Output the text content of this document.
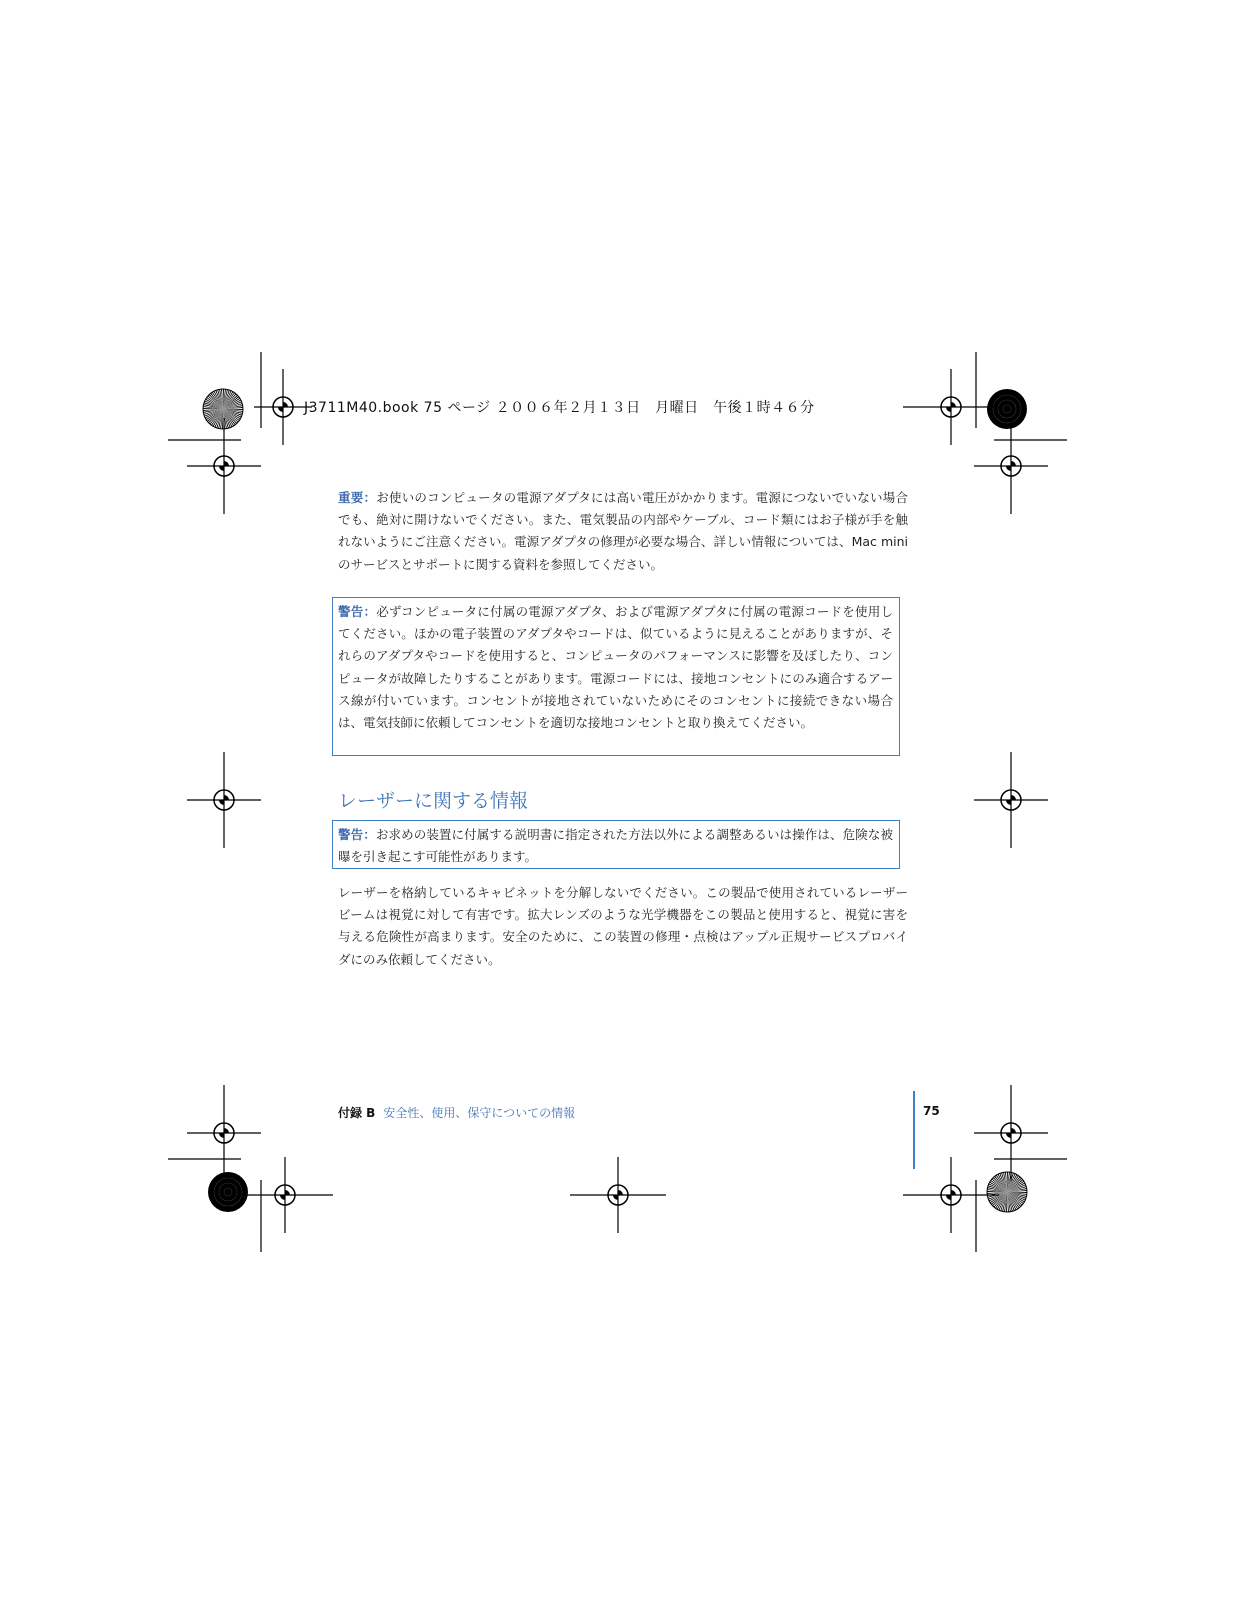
J3711M40.book 75 ページ ２００６年２月１３日　月曜日　午後１時４６分

重要：お使いのコンピュータの電源アダプタには高い電圧がかかります。電源につないでいない場合でも、絶対に開けないでください。また、電気製品の内部やケーブル、コード類にはお子様が手を触れないようにご注意ください。電源アダプタの修理が必要な場合、詳しい情報については、Mac mini のサービスとサポートに関する資料を参照してください。

警告：必ずコンピュータに付属の電源アダプタ、および電源アダプタに付属の電源コードを使用してください。ほかの電子装置のアダプタやコードは、似ているように見えることがありますが、それらのアダプタやコードを使用すると、コンピュータのパフォーマンスに影響を及ぼしたり、コンピュータが故障したりすることがあります。電源コードには、接地コンセントにのみ適合するアース線が付いています。コンセントが接地されていないためにそのコンセントに接続できない場合は、電気技師に依頼してコンセントを適切な接地コンセントと取り換えてください。

レーザーに関する情報

警告：お求めの装置に付属する説明書に指定された方法以外による調整あるいは操作は、危険な被曝を引き起こす可能性があります。

レーザーを格納しているキャビネットを分解しないでください。この製品で使用されているレーザービームは視覚に対して有害です。拡大レンズのような光学機器をこの製品と使用すると、視覚に害を与える危険性が高まります。安全のために、この装置の修理・点検はアップル正規サービスプロバイダにのみ依頼してください。

付録 B 安全性、使用、保守についての情報	75
